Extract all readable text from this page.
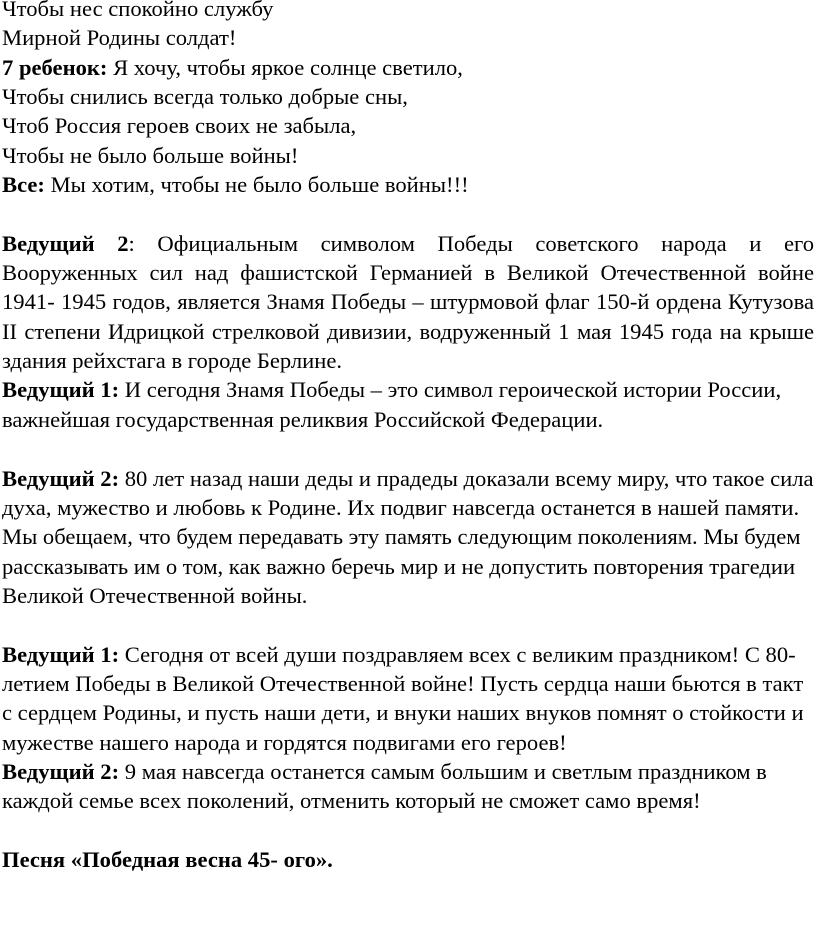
Чтобы нес спокойно службу

Мирной Родины солдат!

7 ребенок: Я хочу, чтобы яркое солнце светило,

Чтобы снились всегда только добрые сны,

Чтоб Россия героев своих не забыла,

Чтобы не было больше войны!

Все: Мы хотим, чтобы не было больше войны!!!

Ведущий 2: Официальным символом Победы советского народа и его Вооруженных сил над фашистской Германией в Великой Отечественной войне 1941- 1945 годов, является Знамя Победы – штурмовой флаг 150-й ордена Кутузова II степени Идрицкой стрелковой дивизии, водруженный 1 мая 1945 года на крыше здания рейхстага в городе Берлине.

Ведущий 1: И сегодня Знамя Победы – это символ героической истории России, важнейшая государственная реликвия Российской Федерации.

Ведущий 2: 80 лет назад наши деды и прадеды доказали всему миру, что такое сила духа, мужество и любовь к Родине. Их подвиг навсегда останется в нашей памяти. Мы обещаем, что будем передавать эту память следующим поколениям. Мы будем рассказывать им о том, как важно беречь мир и не допустить повторения трагедии Великой Отечественной войны.

Ведущий 1: Сегодня от всей души поздравляем всех с великим праздником! С 80-летием Победы в Великой Отечественной войне! Пусть сердца наши бьются в такт с сердцем Родины, и пусть наши дети, и внуки наших внуков помнят о стойкости и мужестве нашего народа и гордятся подвигами его героев!

Ведущий 2: 9 мая навсегда останется самым большим и светлым праздником в каждой семье всех поколений, отменить который не сможет само время!

Песня «Победная весна 45- ого».
